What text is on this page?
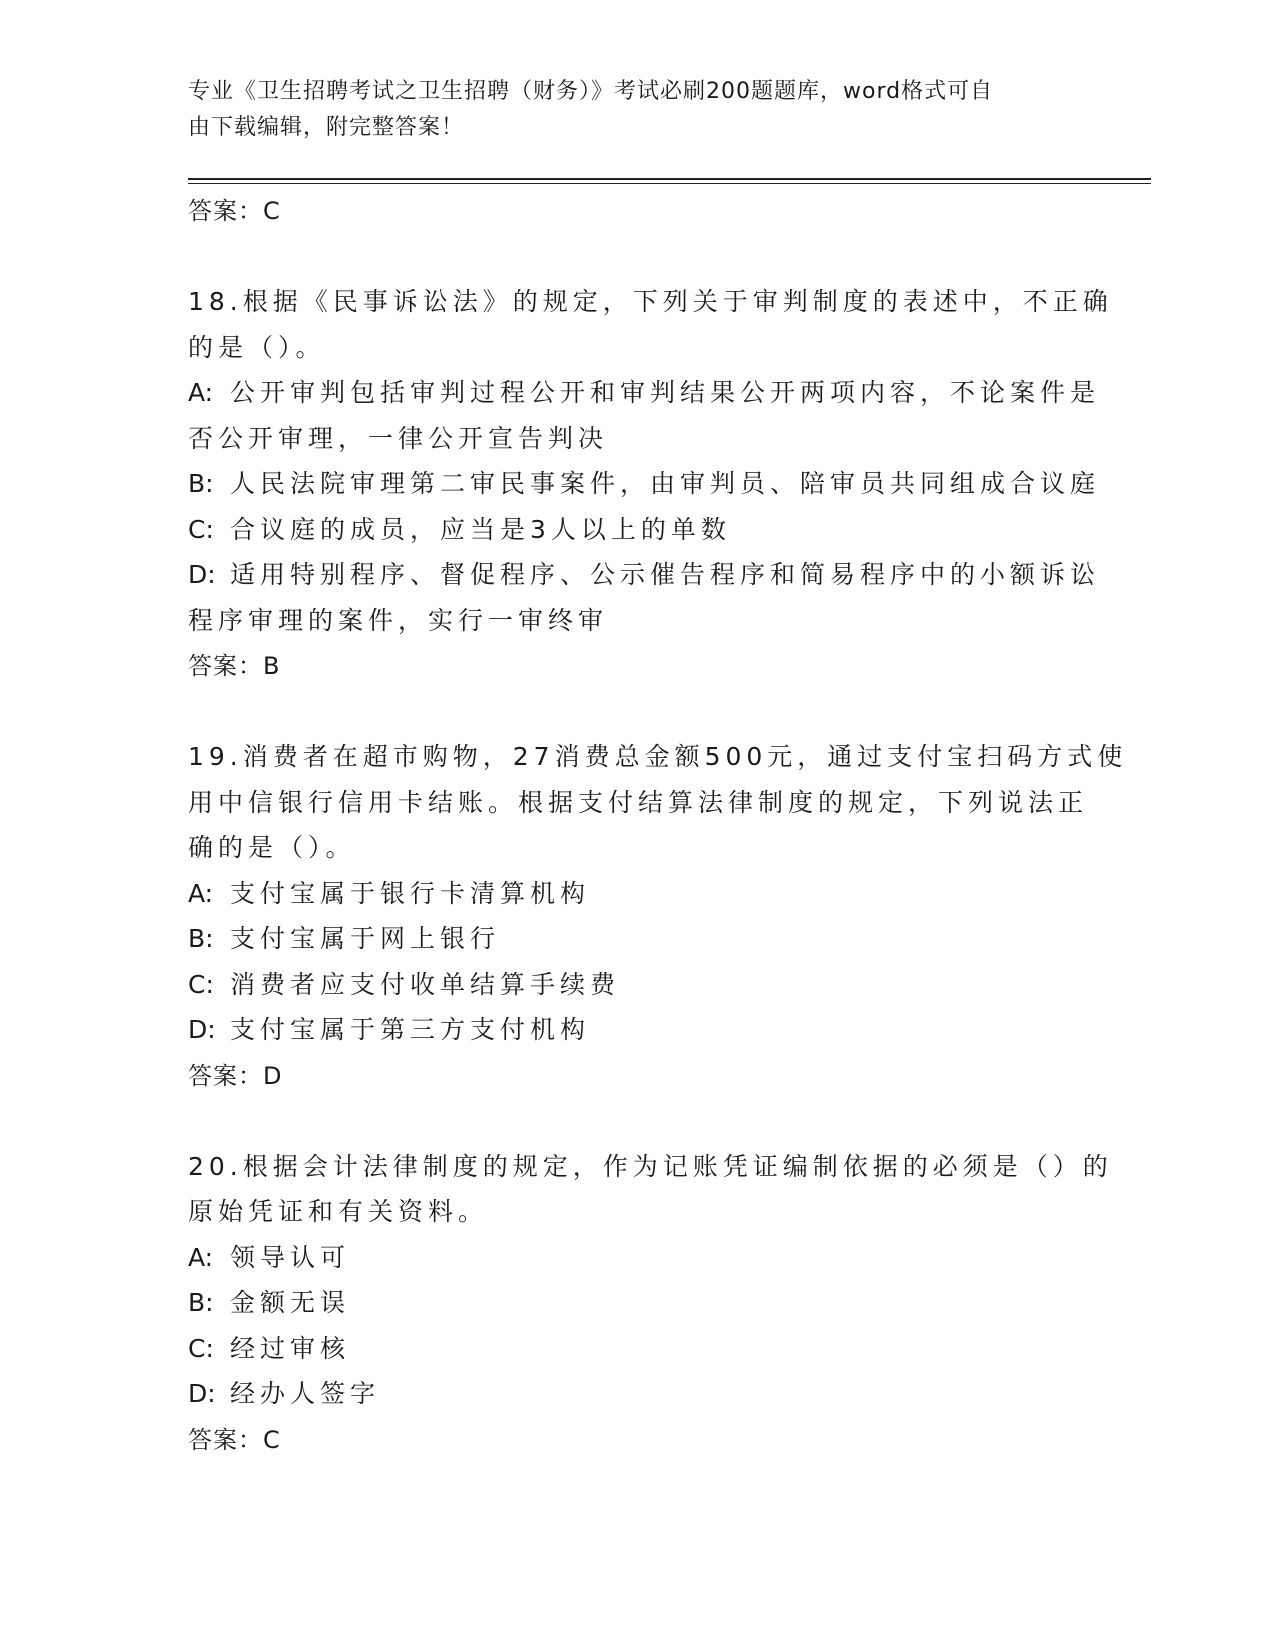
专业《卫生招聘考试之卫生招聘（财务）》考试必刷200题题库，word格式可自
由下载编辑，附完整答案！
答案：C
18.根据《民事诉讼法》的规定，下列关于审判制度的表述中，不正确
的是（）。
A: 公开审判包括审判过程公开和审判结果公开两项内容，不论案件是
否公开审理，一律公开宣告判决
B: 人民法院审理第二审民事案件，由审判员、陪审员共同组成合议庭
C: 合议庭的成员，应当是3人以上的单数
D: 适用特别程序、督促程序、公示催告程序和简易程序中的小额诉讼
程序审理的案件，实行一审终审
答案：B
19.消费者在超市购物，27消费总金额500元，通过支付宝扫码方式使
用中信银行信用卡结账。根据支付结算法律制度的规定，下列说法正
确的是（）。
A: 支付宝属于银行卡清算机构
B: 支付宝属于网上银行
C: 消费者应支付收单结算手续费
D: 支付宝属于第三方支付机构
答案：D
20.根据会计法律制度的规定，作为记账凭证编制依据的必须是（）的
原始凭证和有关资料。
A: 领导认可
B: 金额无误
C: 经过审核
D: 经办人签字
答案：C
